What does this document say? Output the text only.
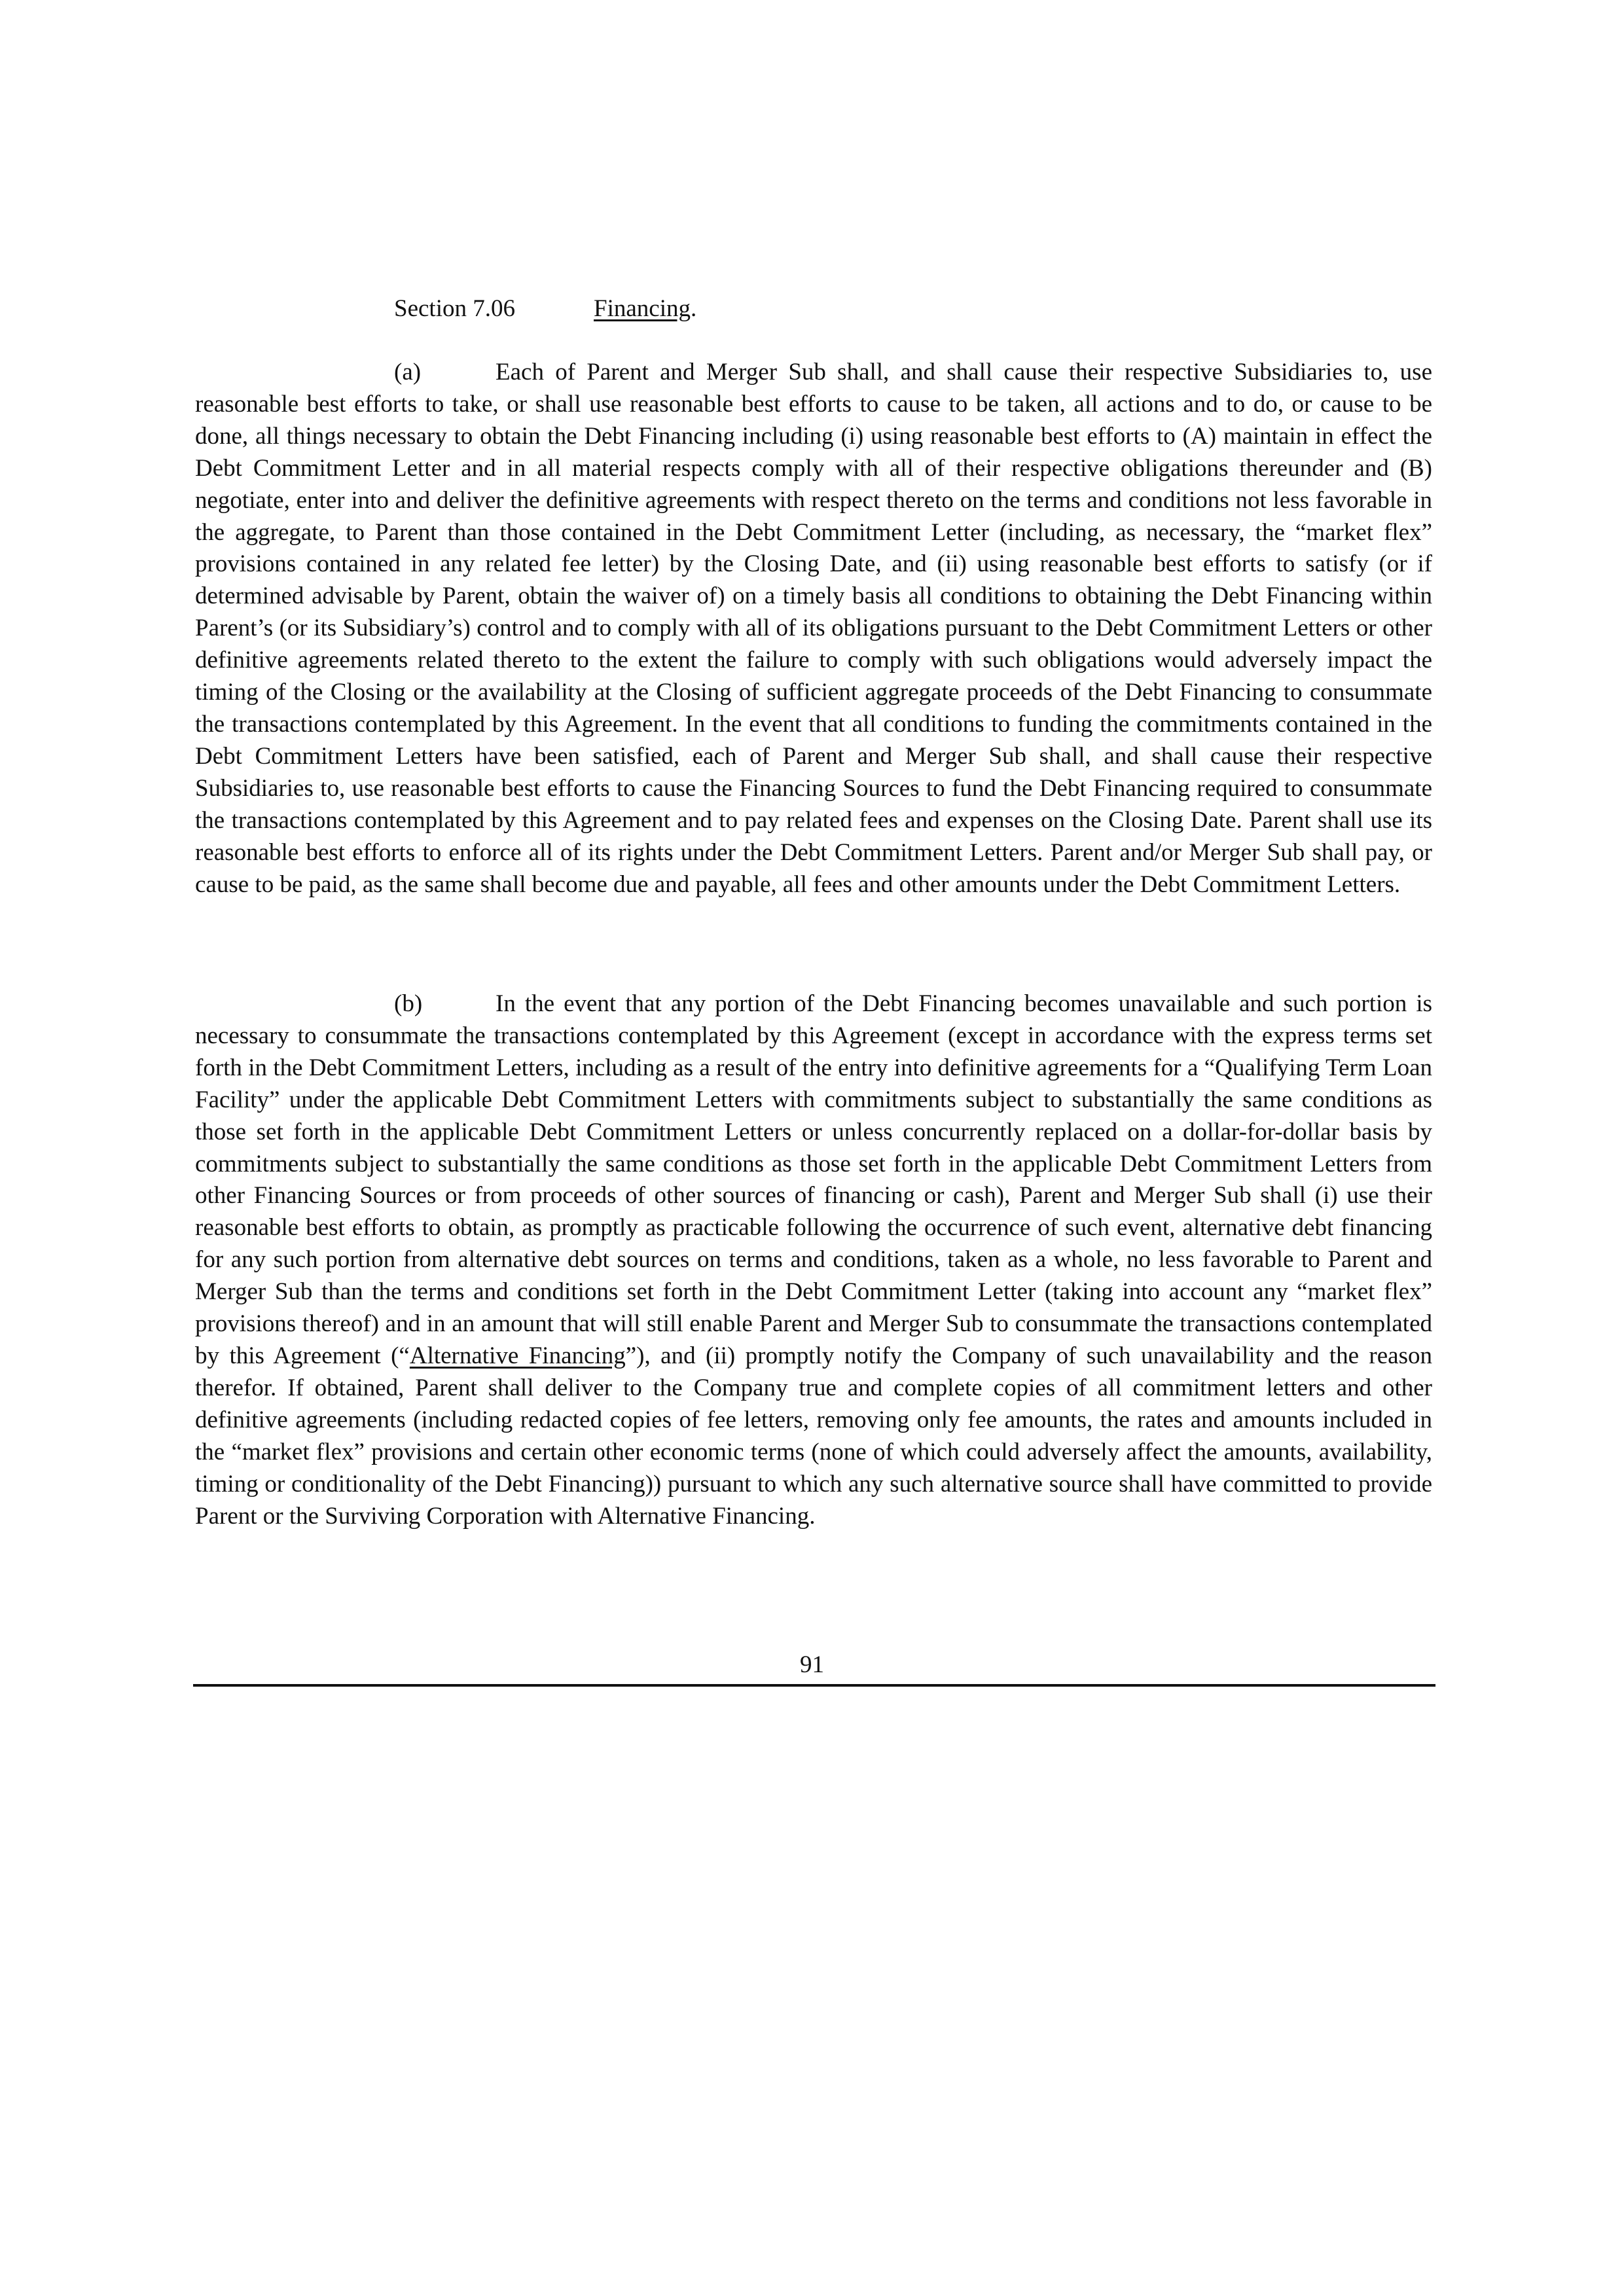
Section 7.06	Financing.
(a)	Each of Parent and Merger Sub shall, and shall cause their respective Subsidiaries to, use reasonable best efforts to take, or shall use reasonable best efforts to cause to be taken, all actions and to do, or cause to be done, all things necessary to obtain the Debt Financing including (i) using reasonable best efforts to (A) maintain in effect the Debt Commitment Letter and in all material respects comply with all of their respective obligations thereunder and (B) negotiate, enter into and deliver the definitive agreements with respect thereto on the terms and conditions not less favorable in the aggregate, to Parent than those contained in the Debt Commitment Letter (including, as necessary, the “market flex” provisions contained in any related fee letter) by the Closing Date, and (ii) using reasonable best efforts to satisfy (or if determined advisable by Parent, obtain the waiver of) on a timely basis all conditions to obtaining the Debt Financing within Parent’s (or its Subsidiary’s) control and to comply with all of its obligations pursuant to the Debt Commitment Letters or other definitive agreements related thereto to the extent the failure to comply with such obligations would adversely impact the timing of the Closing or the availability at the Closing of sufficient aggregate proceeds of the Debt Financing to consummate the transactions contemplated by this Agreement. In the event that all conditions to funding the commitments contained in the Debt Commitment Letters have been satisfied, each of Parent and Merger Sub shall, and shall cause their respective Subsidiaries to, use reasonable best efforts to cause the Financing Sources to fund the Debt Financing required to consummate the transactions contemplated by this Agreement and to pay related fees and expenses on the Closing Date. Parent shall use its reasonable best efforts to enforce all of its rights under the Debt Commitment Letters. Parent and/or Merger Sub shall pay, or cause to be paid, as the same shall become due and payable, all fees and other amounts under the Debt Commitment Letters.
(b)	In the event that any portion of the Debt Financing becomes unavailable and such portion is necessary to consummate the transactions contemplated by this Agreement (except in accordance with the express terms set forth in the Debt Commitment Letters, including as a result of the entry into definitive agreements for a “Qualifying Term Loan Facility” under the applicable Debt Commitment Letters with commitments subject to substantially the same conditions as those set forth in the applicable Debt Commitment Letters or unless concurrently replaced on a dollar-for-dollar basis by commitments subject to substantially the same conditions as those set forth in the applicable Debt Commitment Letters from other Financing Sources or from proceeds of other sources of financing or cash), Parent and Merger Sub shall (i) use their reasonable best efforts to obtain, as promptly as practicable following the occurrence of such event, alternative debt financing for any such portion from alternative debt sources on terms and conditions, taken as a whole, no less favorable to Parent and Merger Sub than the terms and conditions set forth in the Debt Commitment Letter (taking into account any “market flex” provisions thereof) and in an amount that will still enable Parent and Merger Sub to consummate the transactions contemplated by this Agreement (“Alternative Financing”), and (ii) promptly notify the Company of such unavailability and the reason therefor. If obtained, Parent shall deliver to the Company true and complete copies of all commitment letters and other definitive agreements (including redacted copies of fee letters, removing only fee amounts, the rates and amounts included in the “market flex” provisions and certain other economic terms (none of which could adversely affect the amounts, availability, timing or conditionality of the Debt Financing)) pursuant to which any such alternative source shall have committed to provide Parent or the Surviving Corporation with Alternative Financing.
91
